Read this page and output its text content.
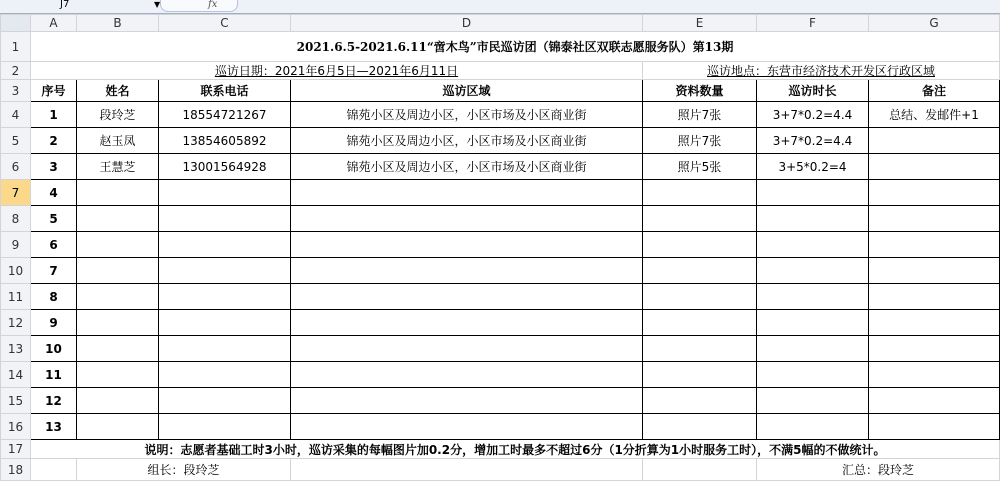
J7	▼	fx
	A	B	C	D	E	F	G
1	2021.6.5-2021.6.11“啻木鸟”市民巡访团（锦泰社区双联志愿服务队）第13期						
2	巡访日期：2021年6月5日—2021年6月11日				巡访地点：东营市经济技术开发区行政区域		
3	序号	姓名	联系电话	巡访区域	资料数量	巡访时长	备注
4	1	段玲芝	18554721267	锦苑小区及周边小区，小区市场及小区商业街	照片7张	3+7*0.2=4.4	总结、发邮件+1
5	2	赵玉凤	13854605892	锦苑小区及周边小区，小区市场及小区商业街	照片7张	3+7*0.2=4.4	
6	3	王慧芝	13001564928	锦苑小区及周边小区，小区市场及小区商业街	照片5张	3+5*0.2=4	
7	4						
8	5						
9	6						
10	7						
11	8						
12	9						
13	10						
14	11						
15	12						
16	13						
17	说明：志愿者基础工时3小时，巡访采集的每幅图片加0.2分，增加工时最多不超过6分（1分折算为1小时服务工时），不满5幅的不做统计。						
18		组长：段玲芝				汇总：段玲芝	
